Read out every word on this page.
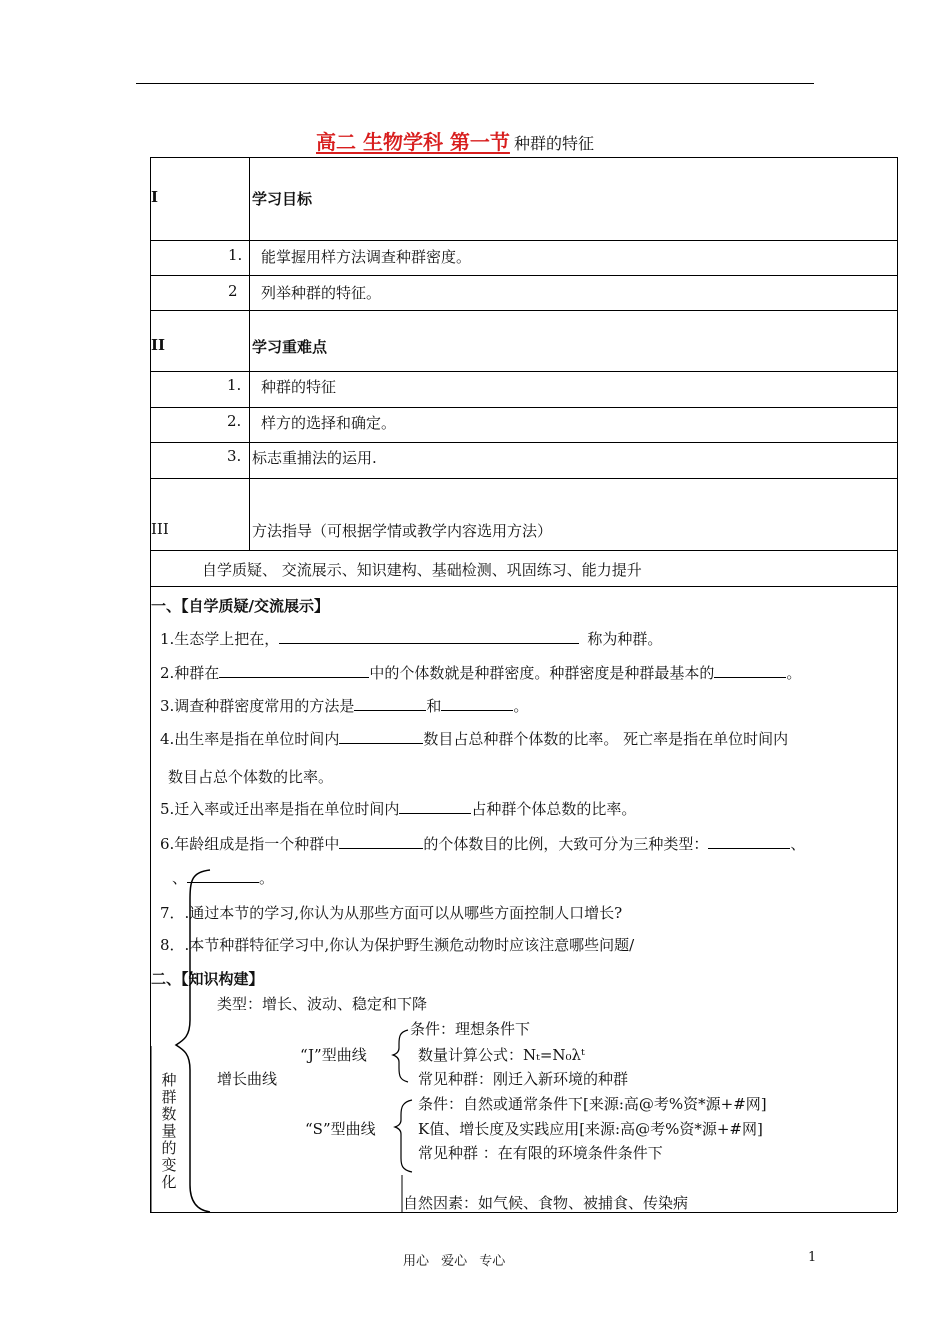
高二 生物学科 第一节 种群的特征
I	学习目标
1. 能掌握用样方法调查种群密度。
2 列举种群的特征。
II	学习重难点
1. 种群的特征
2. 样方的选择和确定。
3. 标志重捕法的运用.
III	方法指导（可根据学情或教学内容选用方法）
自学质疑、 交流展示、知识建构、基础检测、巩固练习、能力提升
一、【自学质疑/交流展示】
1.生态学上把在，	称为种群。
2.种群在	中的个体数就是种群密度。种群密度是种群最基本的	。
3.调查种群密度常用的方法是	和	。
4.出生率是指在单位时间内	数目占总种群个体数的比率。 死亡率是指在单位时间内
数目占总个体数的比率。
5.迁入率或迁出率是指在单位时间内	占种群个体总数的比率。
6.年龄组成是指一个种群中	的个体数目的比例，大致可分为三种类型：	、
、	。
7．.通过本节的学习,你认为从那些方面可以从哪些方面控制人口增长?
8．.本节种群特征学习中,你认为保护野生濒危动物时应该注意哪些问题/
二、【知识构建】
种
群
数
量
的
变
化
类型：增长、波动、稳定和下降
条件：理想条件下
“J”型曲线	数量计算公式：Nₜ=N₀λᵗ
增长曲线	常见种群：刚迁入新环境的种群
条件：自然或通常条件下[来源:高@考%资*源+#网]
“S”型曲线	K值、增长度及实践应用[来源:高@考%资*源+#网]
常见种群 ：在有限的环境条件条件下
自然因素：如气候、食物、被捕食、传染病
用心 爱心 专心	1
